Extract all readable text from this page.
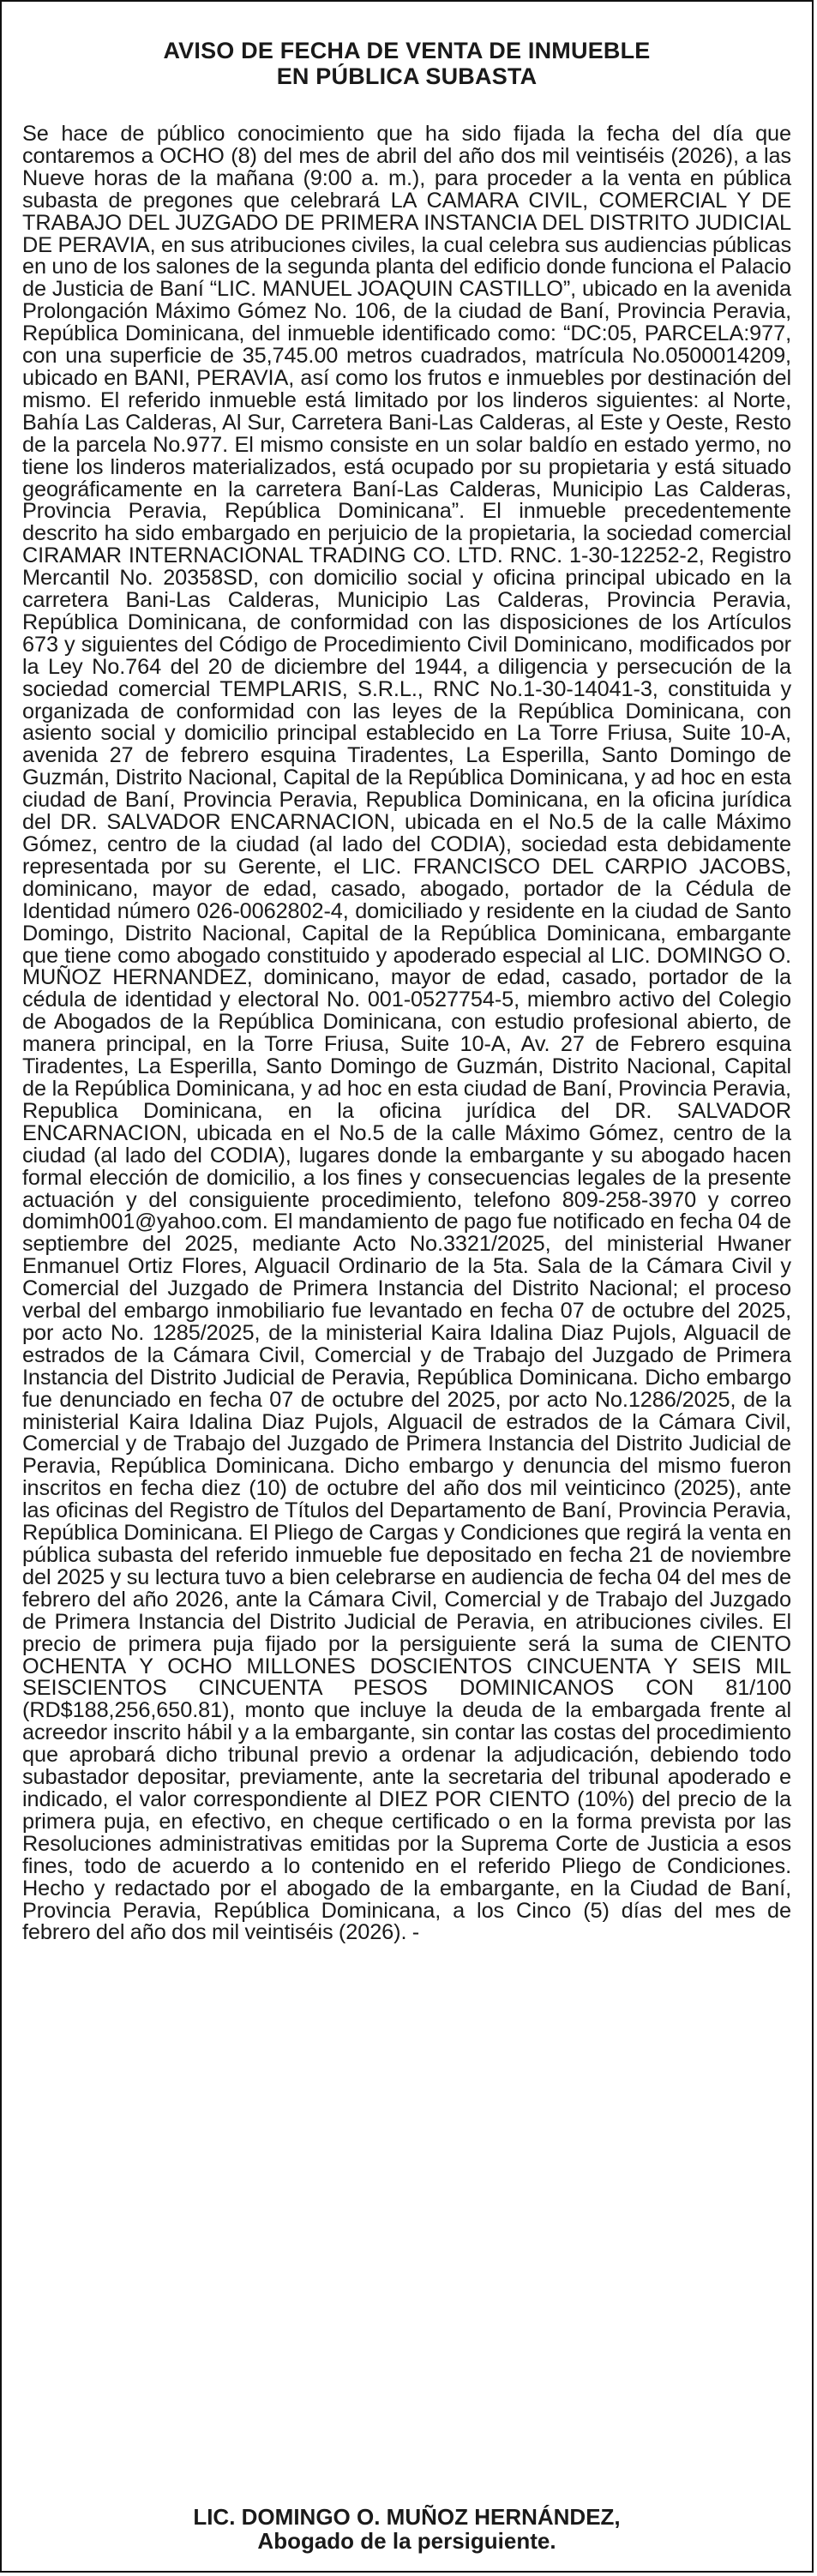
AVISO DE FECHA DE VENTA DE INMUEBLE
EN PÚBLICA SUBASTA
Se hace de público conocimiento que ha sido fijada la fecha del día que contaremos a OCHO (8) del mes de abril del año dos mil veintiséis (2026), a las Nueve horas de la mañana (9:00 a. m.), para proceder a la venta en pública subasta de pregones que celebrará LA CAMARA CIVIL, COMERCIAL Y DE TRABAJO DEL JUZGADO DE PRIMERA INSTANCIA DEL DISTRITO JUDICIAL DE PERAVIA, en sus atribuciones civiles, la cual celebra sus audiencias públicas en uno de los salones de la segunda planta del edificio donde funciona el Palacio de Justicia de Baní “LIC. MANUEL JOAQUIN CASTILLO”, ubicado en la avenida Prolongación Máximo Gómez No. 106, de la ciudad de Baní, Provincia Peravia, República Dominicana, del inmueble identificado como: “DC:05, PARCELA:977, con una superficie de 35,745.00 metros cuadrados, matrícula No.0500014209, ubicado en BANI, PERAVIA, así como los frutos e inmuebles por destinación del mismo. El referido inmueble está limitado por los linderos siguientes: al Norte, Bahía Las Calderas, Al Sur, Carretera Bani-Las Calderas, al Este y Oeste, Resto de la parcela No.977. El mismo consiste en un solar baldío en estado yermo, no tiene los linderos materializados, está ocupado por su propietaria y está situado geográficamente en la carretera Baní-Las Calderas, Municipio Las Calderas, Provincia Peravia, República Dominicana”. El inmueble precedentemente descrito ha sido embargado en perjuicio de la propietaria, la sociedad comercial CIRAMAR INTERNACIONAL TRADING CO. LTD. RNC. 1-30-12252-2, Registro Mercantil No. 20358SD, con domicilio social y oficina principal ubicado en la carretera Bani-Las Calderas, Municipio Las Calderas, Provincia Peravia, República Dominicana, de conformidad con las disposiciones de los Artículos 673 y siguientes del Código de Procedimiento Civil Dominicano, modificados por la Ley No.764 del 20 de diciembre del 1944, a diligencia y persecución de la sociedad comercial TEMPLARIS, S.R.L., RNC No.1-30-14041-3, constituida y organizada de conformidad con las leyes de la República Dominicana, con asiento social y domicilio principal establecido en La Torre Friusa, Suite 10-A, avenida 27 de febrero esquina Tiradentes, La Esperilla, Santo Domingo de Guzmán, Distrito Nacional, Capital de la República Dominicana, y ad hoc en esta ciudad de Baní, Provincia Peravia, Republica Dominicana, en la oficina jurídica del DR. SALVADOR ENCARNACION, ubicada en el No.5 de la calle Máximo Gómez, centro de la ciudad (al lado del CODIA), sociedad esta debidamente representada por su Gerente, el LIC. FRANCISCO DEL CARPIO JACOBS, dominicano, mayor de edad, casado, abogado, portador de la Cédula de Identidad número 026-0062802-4, domiciliado y residente en la ciudad de Santo Domingo, Distrito Nacional, Capital de la República Dominicana, embargante que tiene como abogado constituido y apoderado especial al LIC. DOMINGO O. MUÑOZ HERNANDEZ, dominicano, mayor de edad, casado, portador de la cédula de identidad y electoral No. 001-0527754-5, miembro activo del Colegio de Abogados de la República Dominicana, con estudio profesional abierto, de manera principal, en la Torre Friusa, Suite 10-A, Av. 27 de Febrero esquina Tiradentes, La Esperilla, Santo Domingo de Guzmán, Distrito Nacional, Capital de la República Dominicana, y ad hoc en esta ciudad de Baní, Provincia Peravia, Republica Dominicana, en la oficina jurídica del DR. SALVADOR ENCARNACION, ubicada en el No.5 de la calle Máximo Gómez, centro de la ciudad (al lado del CODIA), lugares donde la embargante y su abogado hacen formal elección de domicilio, a los fines y consecuencias legales de la presente actuación y del consiguiente procedimiento, telefono 809-258-3970 y correo domimh001@yahoo.com. El mandamiento de pago fue notificado en fecha 04 de septiembre del 2025, mediante Acto No.3321/2025, del ministerial Hwaner Enmanuel Ortiz Flores, Alguacil Ordinario de la 5ta. Sala de la Cámara Civil y Comercial del Juzgado de Primera Instancia del Distrito Nacional; el proceso verbal del embargo inmobiliario fue levantado en fecha 07 de octubre del 2025, por acto No. 1285/2025, de la ministerial Kaira Idalina Diaz Pujols, Alguacil de estrados de la Cámara Civil, Comercial y de Trabajo del Juzgado de Primera Instancia del Distrito Judicial de Peravia, República Dominicana. Dicho embargo fue denunciado en fecha 07 de octubre del 2025, por acto No.1286/2025, de la ministerial Kaira Idalina Diaz Pujols, Alguacil de estrados de la Cámara Civil, Comercial y de Trabajo del Juzgado de Primera Instancia del Distrito Judicial de Peravia, República Dominicana. Dicho embargo y denuncia del mismo fueron inscritos en fecha diez (10) de octubre del año dos mil veinticinco (2025), ante las oficinas del Registro de Títulos del Departamento de Baní, Provincia Peravia, República Dominicana. El Pliego de Cargas y Condiciones que regirá la venta en pública subasta del referido inmueble fue depositado en fecha 21 de noviembre del 2025 y su lectura tuvo a bien celebrarse en audiencia de fecha 04 del mes de febrero del año 2026, ante la Cámara Civil, Comercial y de Trabajo del Juzgado de Primera Instancia del Distrito Judicial de Peravia, en atribuciones civiles. El precio de primera puja fijado por la persiguiente será la suma de CIENTO OCHENTA Y OCHO MILLONES DOSCIENTOS CINCUENTA Y SEIS MIL SEISCIENTOS CINCUENTA PESOS DOMINICANOS CON 81/100 (RD$188,256,650.81), monto que incluye la deuda de la embargada frente al acreedor inscrito hábil y a la embargante, sin contar las costas del procedimiento que aprobará dicho tribunal previo a ordenar la adjudicación, debiendo todo subastador depositar, previamente, ante la secretaria del tribunal apoderado e indicado, el valor correspondiente al DIEZ POR CIENTO (10%) del precio de la primera puja, en efectivo, en cheque certificado o en la forma prevista por las Resoluciones administrativas emitidas por la Suprema Corte de Justicia a esos fines, todo de acuerdo a lo contenido en el referido Pliego de Condiciones. Hecho y redactado por el abogado de la embargante, en la Ciudad de Baní, Provincia Peravia, República Dominicana, a los Cinco (5) días del mes de febrero del año dos mil veintiséis (2026). -
LIC. DOMINGO O. MUÑOZ HERNÁNDEZ,
Abogado de la persiguiente.
